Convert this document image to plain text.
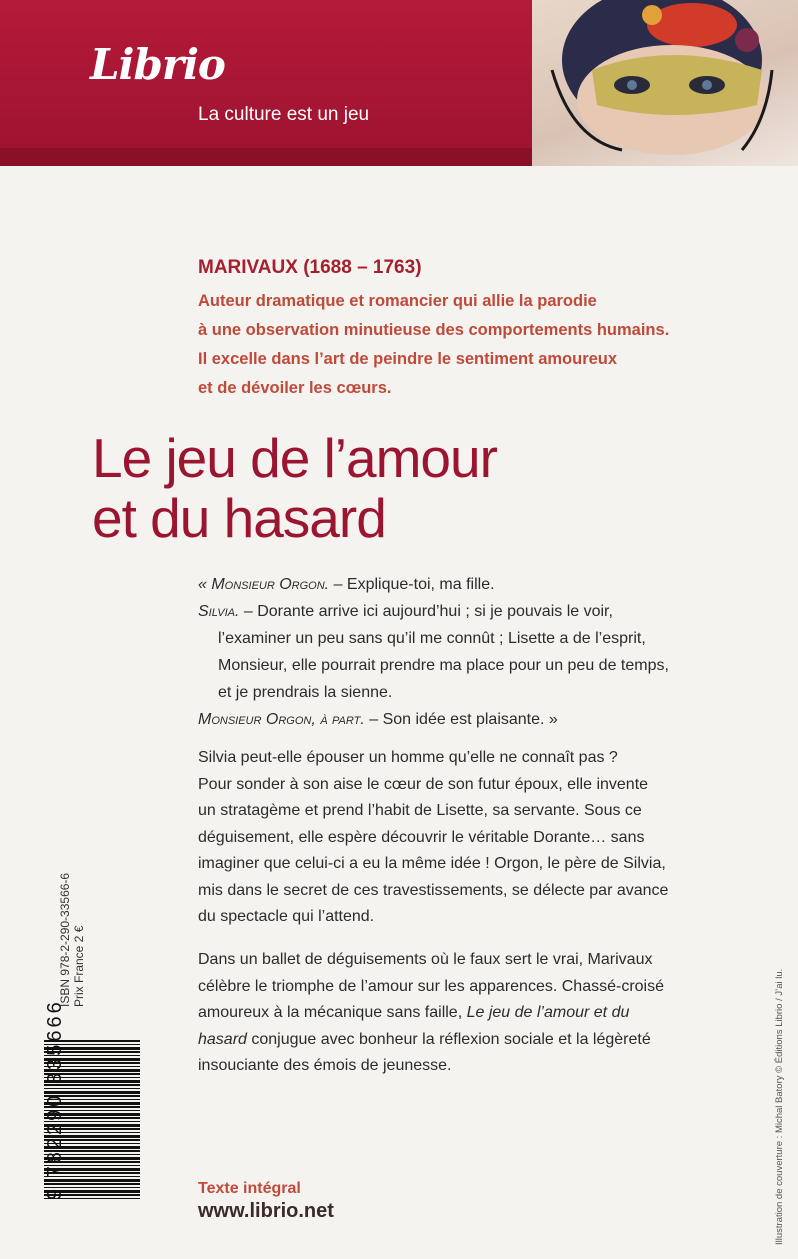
Librio
La culture est un jeu
MARIVAUX (1688 – 1763)
Auteur dramatique et romancier qui allie la parodie
à une observation minutieuse des comportements humains.
Il excelle dans l’art de peindre le sentiment amoureux
et de dévoiler les cœurs.
Le jeu de l’amour
et du hasard
« Monsieur Orgon. – Explique-toi, ma fille.
Silvia. – Dorante arrive ici aujourd’hui ; si je pouvais le voir,
l’examiner un peu sans qu’il me connût ; Lisette a de l’esprit,
Monsieur, elle pourrait prendre ma place pour un peu de temps,
et je prendrais la sienne.
Monsieur Orgon, à part. – Son idée est plaisante. »
Silvia peut-elle épouser un homme qu’elle ne connaît pas ?
Pour sonder à son aise le cœur de son futur époux, elle invente
un stratagème et prend l’habit de Lisette, sa servante. Sous ce
déguisement, elle espère découvrir le véritable Dorante… sans
imaginer que celui-ci a eu la même idée ! Orgon, le père de Silvia,
mis dans le secret de ces travestissements, se délecte par avance
du spectacle qui l’attend.
Dans un ballet de déguisements où le faux sert le vrai, Marivaux
célèbre le triomphe de l’amour sur les apparences. Chassé-croisé
amoureux à la mécanique sans faille, Le jeu de l’amour et du
hasard conjugue avec bonheur la réflexion sociale et la légèreté
insouciante des émois de jeunesse.
ISBN 978-2-290-33566-6 Prix France 2 €
9 782290 335666	Texte intégral
www.librio.net	Illustration de couverture : Michal Batory © Éditions Librio / J’ai lu.
